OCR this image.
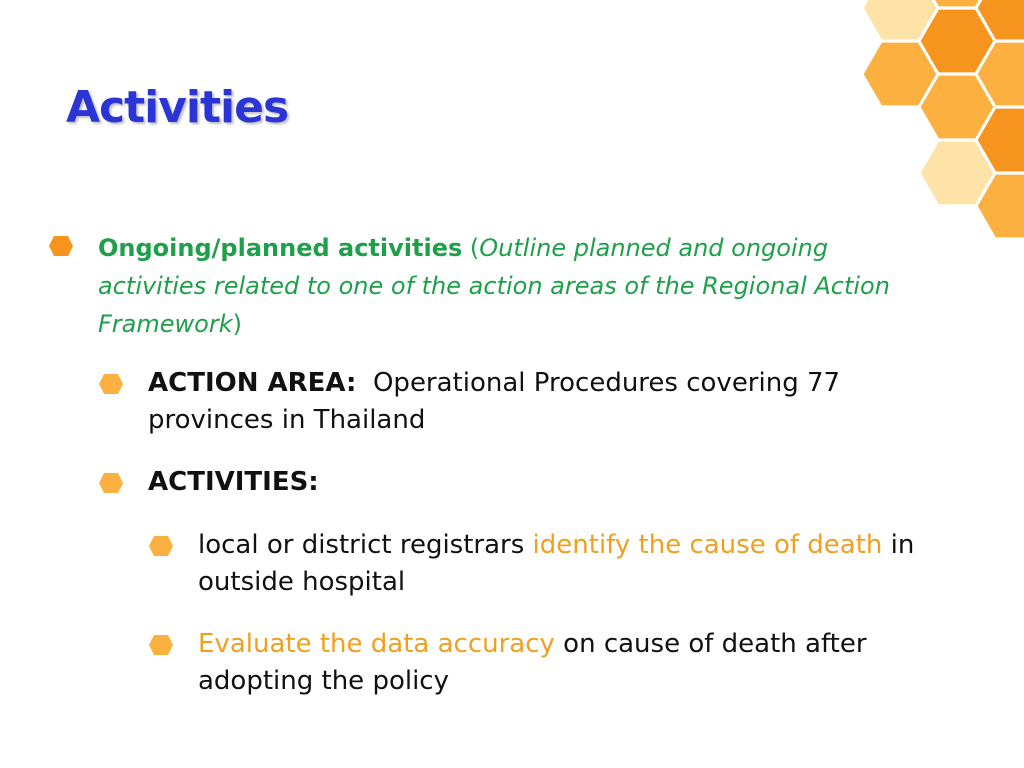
Activities
Ongoing/planned activities (Outline planned and ongoing activities related to one of the action areas of the Regional Action Framework)
ACTION AREA: Operational Procedures covering 77 provinces in Thailand
ACTIVITIES:
local or district registrars identify the cause of death in outside hospital
Evaluate the data accuracy on cause of death after adopting the policy
